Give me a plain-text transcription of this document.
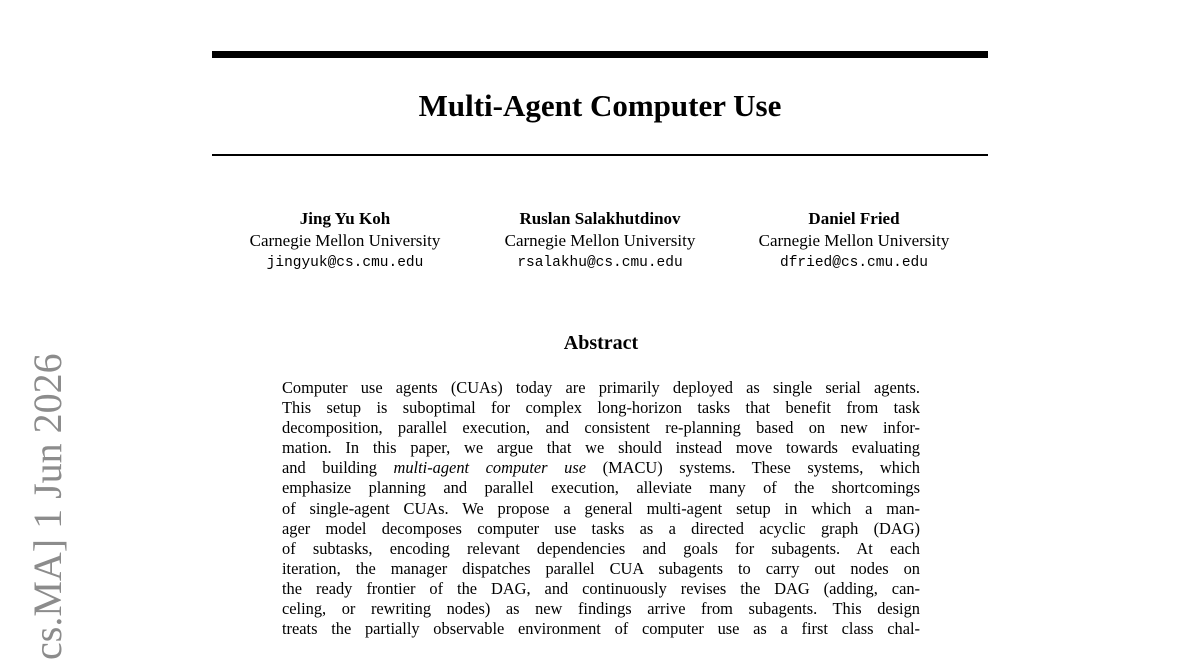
Multi-Agent Computer Use
Jing Yu Koh
Carnegie Mellon University
jingyuk@cs.cmu.edu
Ruslan Salakhutdinov
Carnegie Mellon University
rsalakhu@cs.cmu.edu
Daniel Fried
Carnegie Mellon University
dfried@cs.cmu.edu
Abstract
Computer use agents (CUAs) today are primarily deployed as single serial agents.
This setup is suboptimal for complex long-horizon tasks that benefit from task
decomposition, parallel execution, and consistent re-planning based on new infor-
mation. In this paper, we argue that we should instead move towards evaluating
and building multi-agent computer use (MACU) systems. These systems, which
emphasize planning and parallel execution, alleviate many of the shortcomings
of single-agent CUAs. We propose a general multi-agent setup in which a man-
ager model decomposes computer use tasks as a directed acyclic graph (DAG)
of subtasks, encoding relevant dependencies and goals for subagents. At each
iteration, the manager dispatches parallel CUA subagents to carry out nodes on
the ready frontier of the DAG, and continuously revises the DAG (adding, can-
celing, or rewriting nodes) as new findings arrive from subagents. This design
treats the partially observable environment of computer use as a first class chal-
cs.MA] 1 Jun 2026
